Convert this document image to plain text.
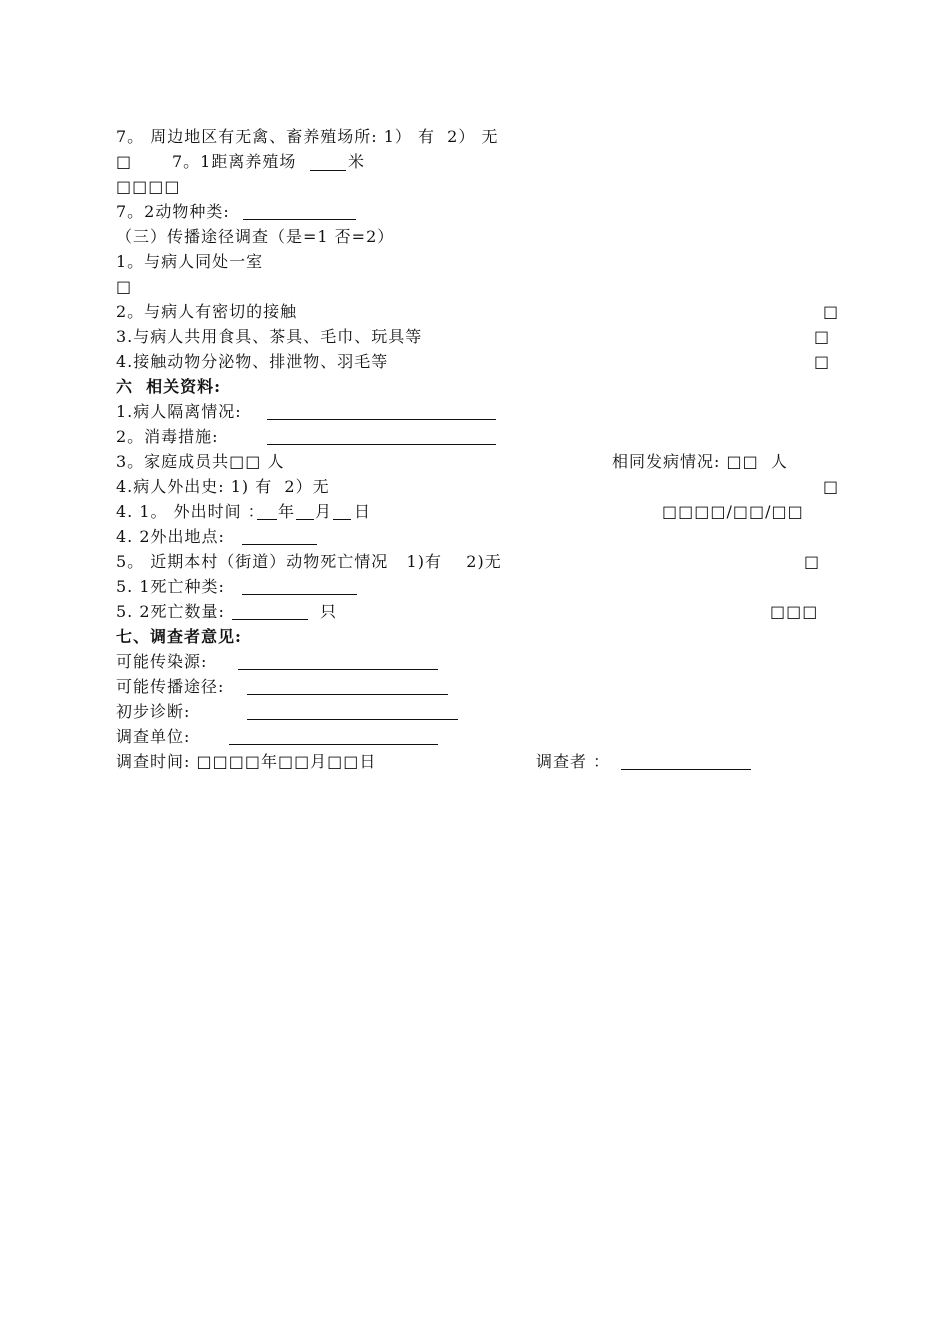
7。 周边地区有无禽、畜养殖场所: 1） 有  2） 无
□ 7。1距离养殖场	米
□□□□
7。2动物种类:
（三）传播途径调查（是=1 否=2）
1。与病人同处一室
□
2。与病人有密切的接触	□
3.与病人共用食具、茶具、毛巾、玩具等	□
4.接触动物分泌物、排泄物、羽毛等	□
六  相关资料:
1.病人隔离情况:
2。消毒措施:
3。家庭成员共□□ 人	相同发病情况: □□  人
4.病人外出史: 1) 有  2）无	□
4. 1。 外出时间 ： 年 月 日	□□□□/□□/□□
4. 2外出地点:
5。 近期本村（街道）动物死亡情况   1)有    2)无	□
5. 1死亡种类:
5. 2死亡数量:	只	□□□
七、调查者意见:
可能传染源:
可能传播途径:
初步诊断:
调查单位:
调查时间: □□□□年□□月□□日	调查者 ：
